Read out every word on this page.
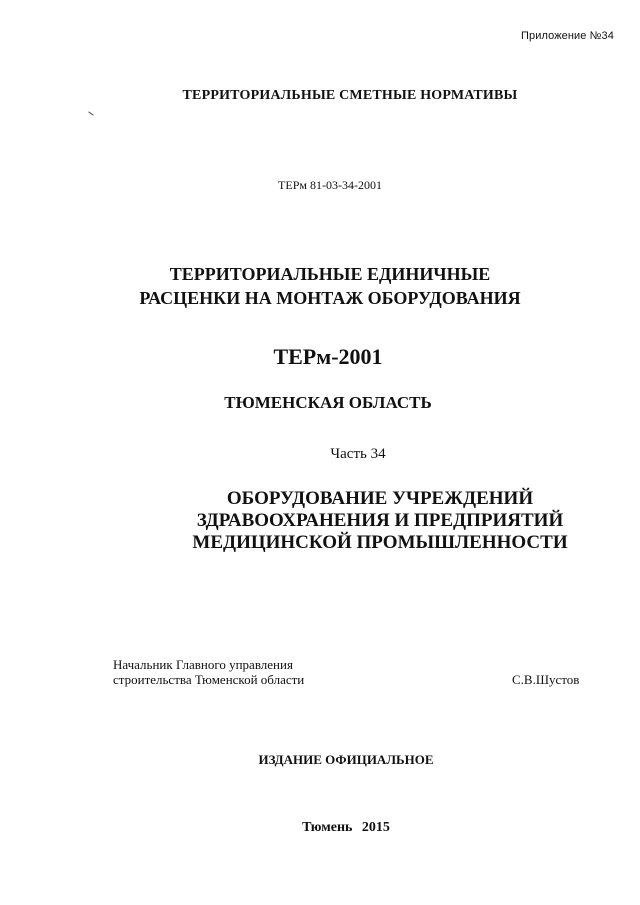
Приложение №34
ТЕРРИТОРИАЛЬНЫЕ СМЕТНЫЕ НОРМАТИВЫ
ТЕРм 81-03-34-2001
ТЕРРИТОРИАЛЬНЫЕ ЕДИНИЧНЫЕ
РАСЦЕНКИ НА МОНТАЖ ОБОРУДОВАНИЯ
ТЕРм-2001
ТЮМЕНСКАЯ ОБЛАСТЬ
Часть 34
ОБОРУДОВАНИЕ УЧРЕЖДЕНИЙ
ЗДРАВООХРАНЕНИЯ И ПРЕДПРИЯТИЙ
МЕДИЦИНСКОЙ ПРОМЫШЛЕННОСТИ
Начальник Главного управления
строительства Тюменской области	С.В.Шустов
ИЗДАНИЕ ОФИЦИАЛЬНОЕ
Тюмень 2015
